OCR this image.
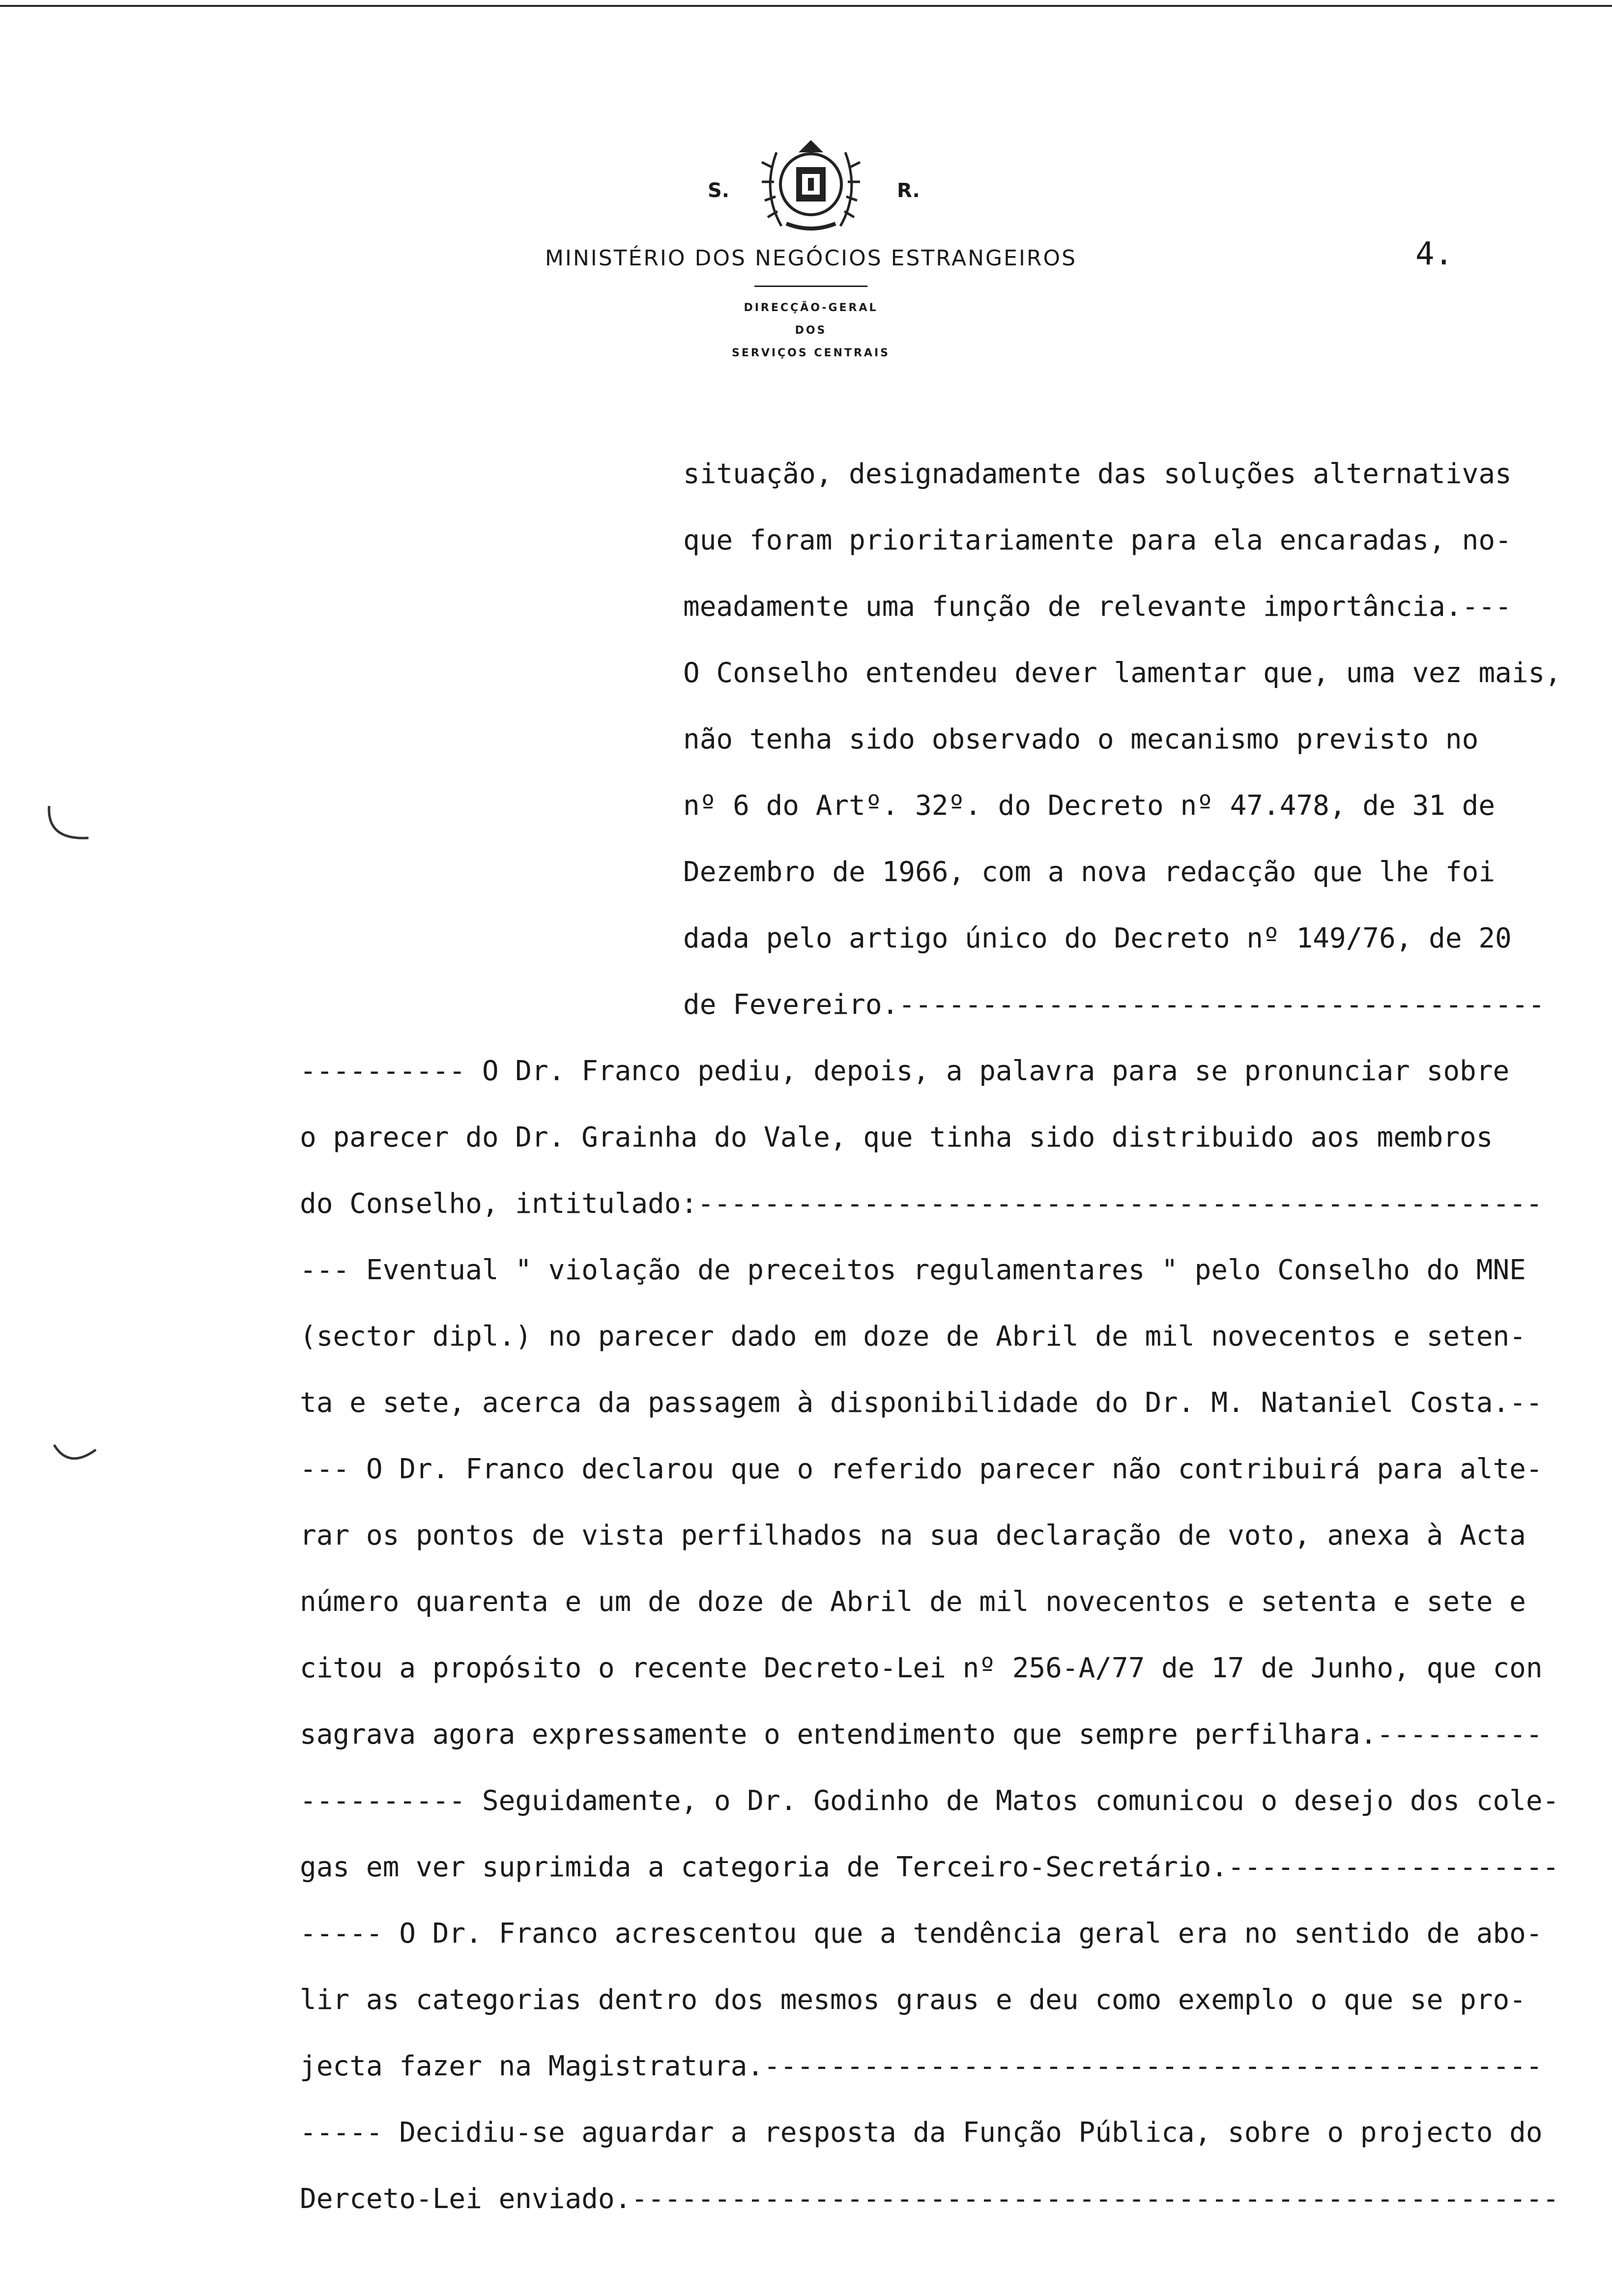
S.	R.
MINISTÉRIO DOS NEGÓCIOS ESTRANGEIROS
DIRECÇÃO-GERAL
DOS
SERVIÇOS CENTRAIS
4.
situação, designadamente das soluções alternativas
que foram prioritariamente para ela encaradas, no-
meadamente uma função de relevante importância.---
O Conselho entendeu dever lamentar que, uma vez mais,
não tenha sido observado o mecanismo previsto no
nº 6 do Artº. 32º. do Decreto nº 47.478, de 31 de
Dezembro de 1966, com a nova redacção que lhe foi
dada pelo artigo único do Decreto nº 149/76, de 20
de Fevereiro.---------------------------------------
---------- O Dr. Franco pediu, depois, a palavra para se pronunciar sobre
o parecer do Dr. Grainha do Vale, que tinha sido distribuido aos membros
do Conselho, intitulado:---------------------------------------------------
--- Eventual " violação de preceitos regulamentares " pelo Conselho do MNE
(sector dipl.) no parecer dado em doze de Abril de mil novecentos e seten-
ta e sete, acerca da passagem à disponibilidade do Dr. M. Nataniel Costa.--
--- O Dr. Franco declarou que o referido parecer não contribuirá para alte-
rar os pontos de vista perfilhados na sua declaração de voto, anexa à Acta
número quarenta e um de doze de Abril de mil novecentos e setenta e sete e
citou a propósito o recente Decreto-Lei nº 256-A/77 de 17 de Junho, que con
sagrava agora expressamente o entendimento que sempre perfilhara.----------
---------- Seguidamente, o Dr. Godinho de Matos comunicou o desejo dos cole-
gas em ver suprimida a categoria de Terceiro-Secretário.--------------------
----- O Dr. Franco acrescentou que a tendência geral era no sentido de abo-
lir as categorias dentro dos mesmos graus e deu como exemplo o que se pro-
jecta fazer na Magistratura.-----------------------------------------------
----- Decidiu-se aguardar a resposta da Função Pública, sobre o projecto do
Derceto-Lei enviado.--------------------------------------------------------
